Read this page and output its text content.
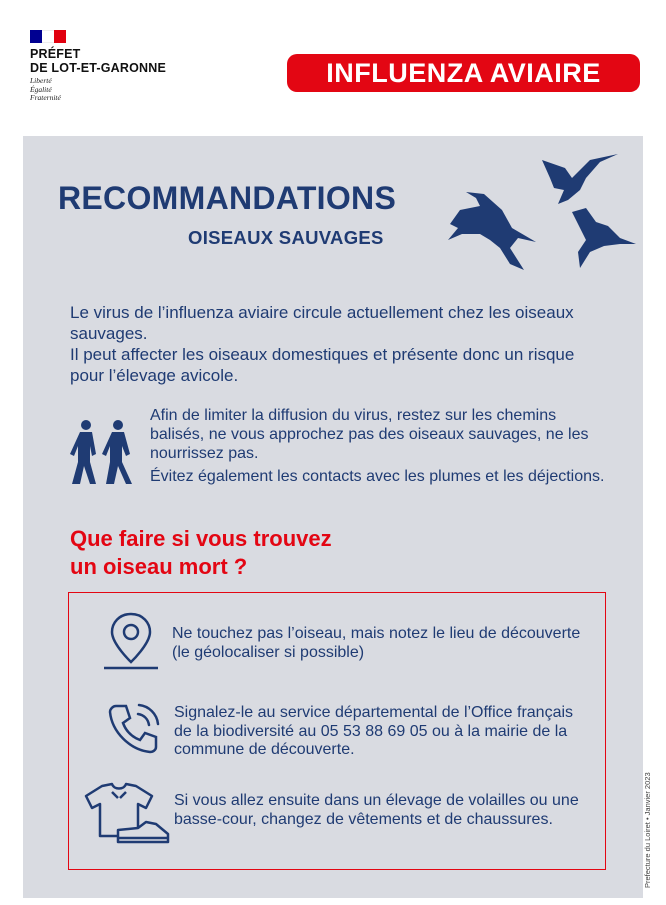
PRÉFET
DE LOT-ET-GARONNE
Liberté
Égalité
Fraternité
INFLUENZA AVIAIRE
RECOMMANDATIONS
OISEAUX SAUVAGES

Le virus de l’influenza aviaire circule actuellement chez les oiseaux sauvages.

Il peut affecter les oiseaux domestiques et présente donc un risque pour l’élevage avicole.

Afin de limiter la diffusion du virus, restez sur les chemins balisés, ne vous approchez pas des oiseaux sauvages, ne les nourrissez pas.

Évitez également les contacts avec les plumes et les déjections.

Que faire si vous trouvez
un oiseau mort ?
Ne touchez pas l’oiseau, mais notez le lieu de découverte (le géolocaliser si possible)
Signalez-le au service départemental de l’Office français de la biodiversité au 05 53 88 69 05 ou à la mairie de la commune de découverte.
Si vous allez ensuite dans un élevage de volailles ou une basse-cour, changez de vêtements et de chaussures.	Prefecture du Loiret • Janvier 2023
